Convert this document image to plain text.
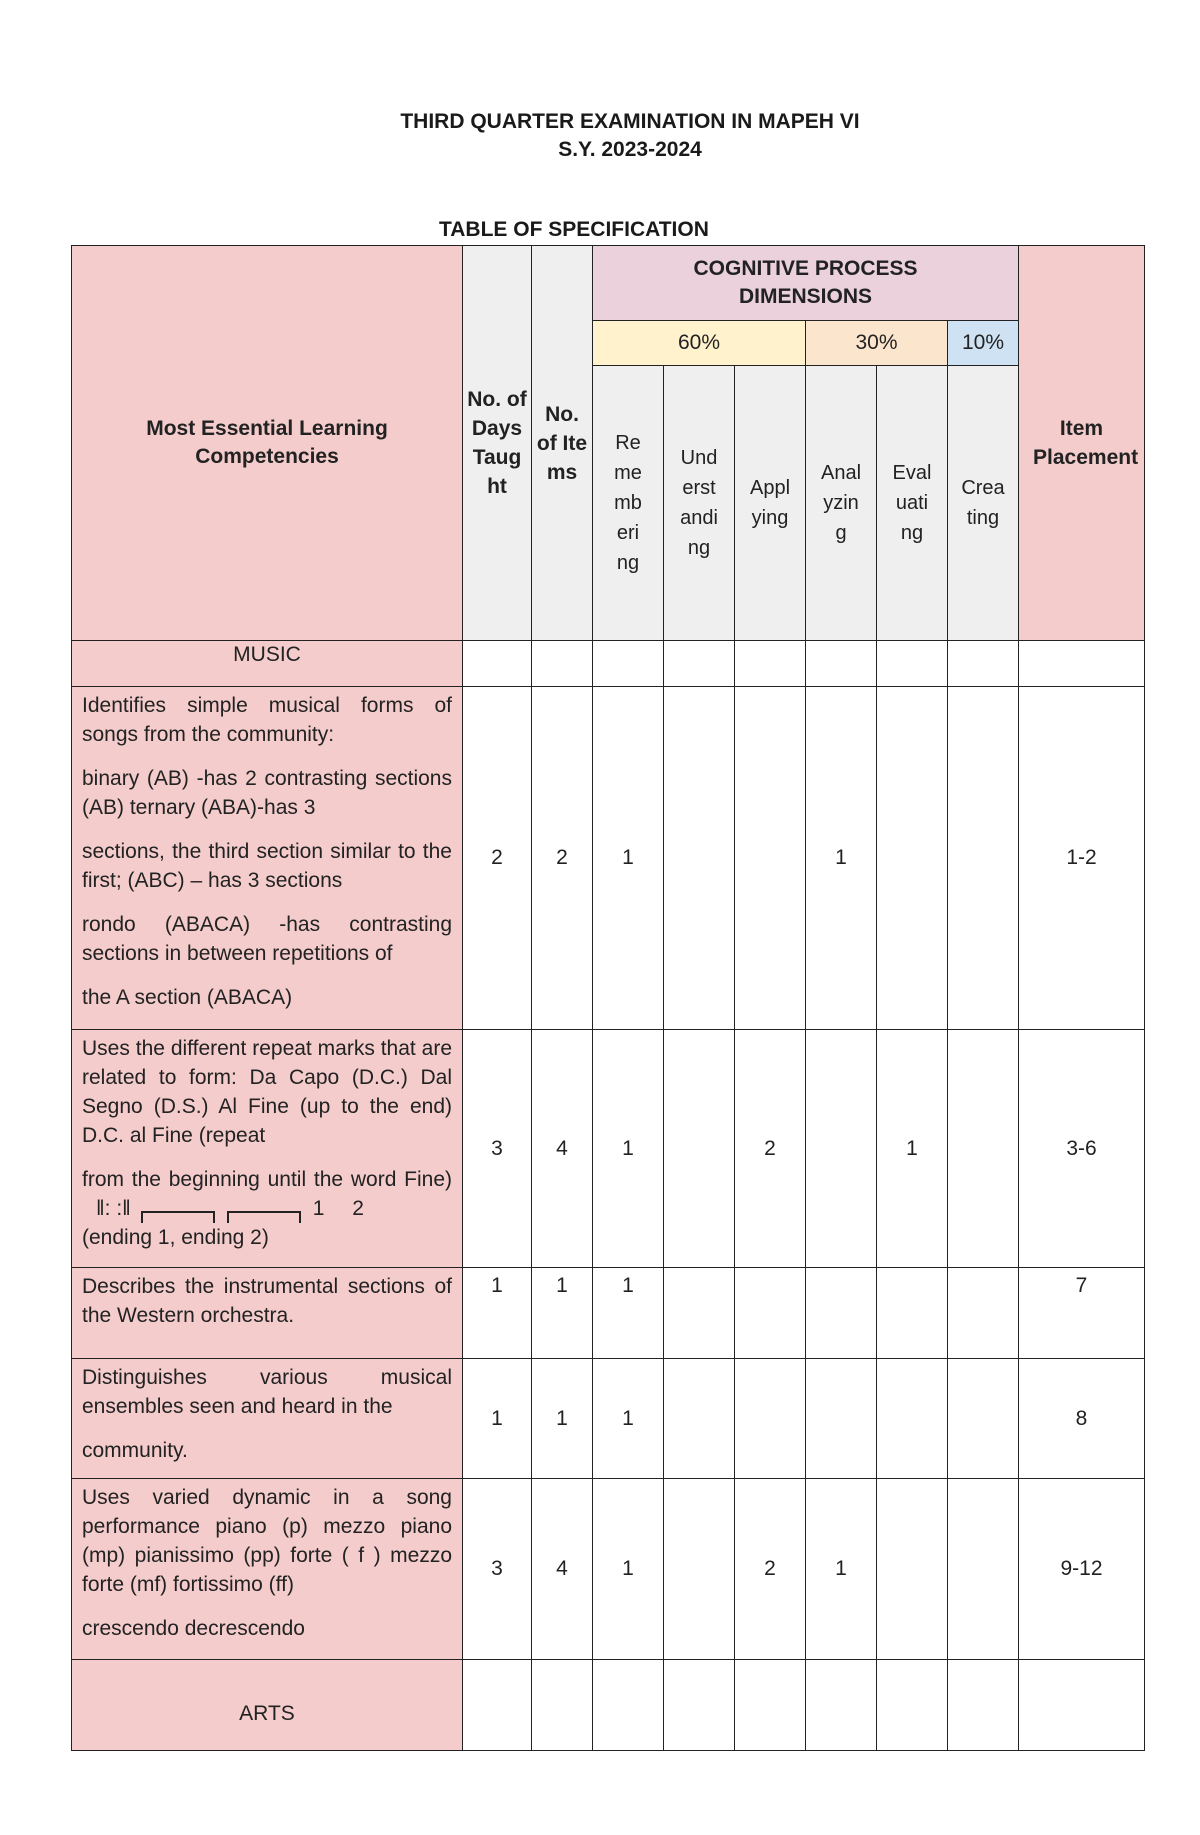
THIRD QUARTER EXAMINATION IN MAPEH VI
S.Y. 2023-2024
TABLE OF SPECIFICATION
Most Essential Learning Competencies	No. of Days Taught	No. of Items	COGNITIVE PROCESS DIMENSIONS						Item Placement

			60%			30%		10%	

			Remembering	Understanding	Applying	Analyzing	Evaluating	Creating	

MUSIC									

Identifies simple musical forms of songs from the community:

binary (AB) -has 2 contrasting sections (AB) ternary (ABA)-has 3

sections, the third section similar to the first; (ABC) – has 3 sections

rondo (ABACA) -has contrasting sections in between repetitions of

the A section (ABACA)	2	2	1			1			1-2

Uses the different repeat marks that are related to form: Da Capo (D.C.) Dal Segno (D.S.) Al Fine (up to the end) D.C. al Fine (repeat

from the beginning until the word Fine) ‖: :‖ 1 2

(ending 1, ending 2)	3	4	1		2		1		3-6

Describes the instrumental sections of the Western orchestra.	1	1	1						7

Distinguishes various musical ensembles seen and heard in the

community.	1	1	1						8

Uses varied dynamic in a song performance piano (p) mezzo piano (mp) pianissimo (pp) forte ( f ) mezzo forte (mf) fortissimo (ff)

crescendo decrescendo	3	4	1		2	1			9-12
ARTS									
